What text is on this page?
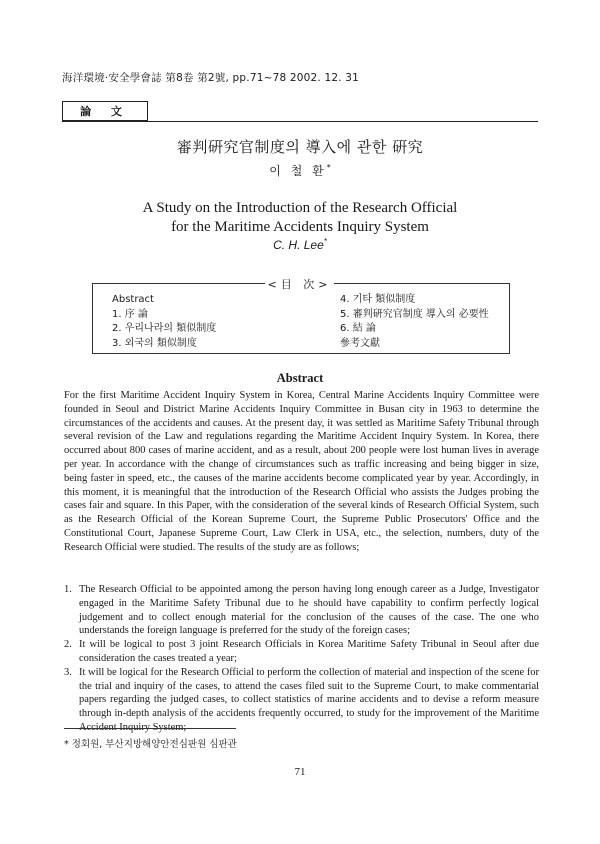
海洋環境·安全學會誌 第8卷 第2號, pp.71~78 2002. 12. 31
論 文
審判硏究官制度의 導入에 관한 硏究
이 철 환*
A Study on the Introduction of the Research Official
for the Maritime Accidents Inquiry System
C. H. Lee*
<目 次>
Abstract
1. 序 論
2. 우리나라의 類似制度
3. 외국의 類似制度
4. 기타 類似制度
5. 審判硏究官制度 導入의 必要性
6. 結 論
參考文獻
Abstract

For the first Maritime Accident Inquiry System in Korea, Central Marine Accidents Inquiry Committee were founded in Seoul and District Marine Accidents Inquiry Committee in Busan city in 1963 to determine the circumstances of the accidents and causes. At the present day, it was settled as Maritime Safety Tribunal through several revision of the Law and regulations regarding the Maritime Accident Inquiry System. In Korea, there occurred about 800 cases of marine accident, and as a result, about 200 people were lost human lives in average per year. In accordance with the change of circumstances such as traffic increasing and being bigger in size, being faster in speed, etc., the causes of the marine accidents become complicated year by year. Accordingly, in this moment, it is meaningful that the introduction of the Research Official who assists the Judges probing the cases fair and square. In this Paper, with the consideration of the several kinds of Research Official System, such as the Research Official of the Korean Supreme Court, the Supreme Public Prosecutors' Office and the Constitutional Court, Japanese Supreme Court, Law Clerk in USA, etc., the selection, numbers, duty of the Research Official were studied. The results of the study are as follows;

1. The Research Official to be appointed among the person having long enough career as a Judge, Investigator engaged in the Maritime Safety Tribunal due to he should have capability to confirm perfectly logical judgement and to collect enough material for the conclusion of the causes of the case. The one who understands the foreign language is preferred for the study of the foreign cases;
2. It will be logical to post 3 joint Research Officials in Korea Maritime Safety Tribunal in Seoul after due consideration the cases treated a year;
3. It will be logical for the Research Official to perform the collection of material and inspection of the scene for the trial and inquiry of the cases, to attend the cases filed suit to the Supreme Court, to make commentarial papers regarding the judged cases, to collect statistics of marine accidents and to devise a reform measure through in-depth analysis of the accidents frequently occurred, to study for the improvement of the Maritime
* 정회원, 부산지방해양안전심판원 심판관
71
